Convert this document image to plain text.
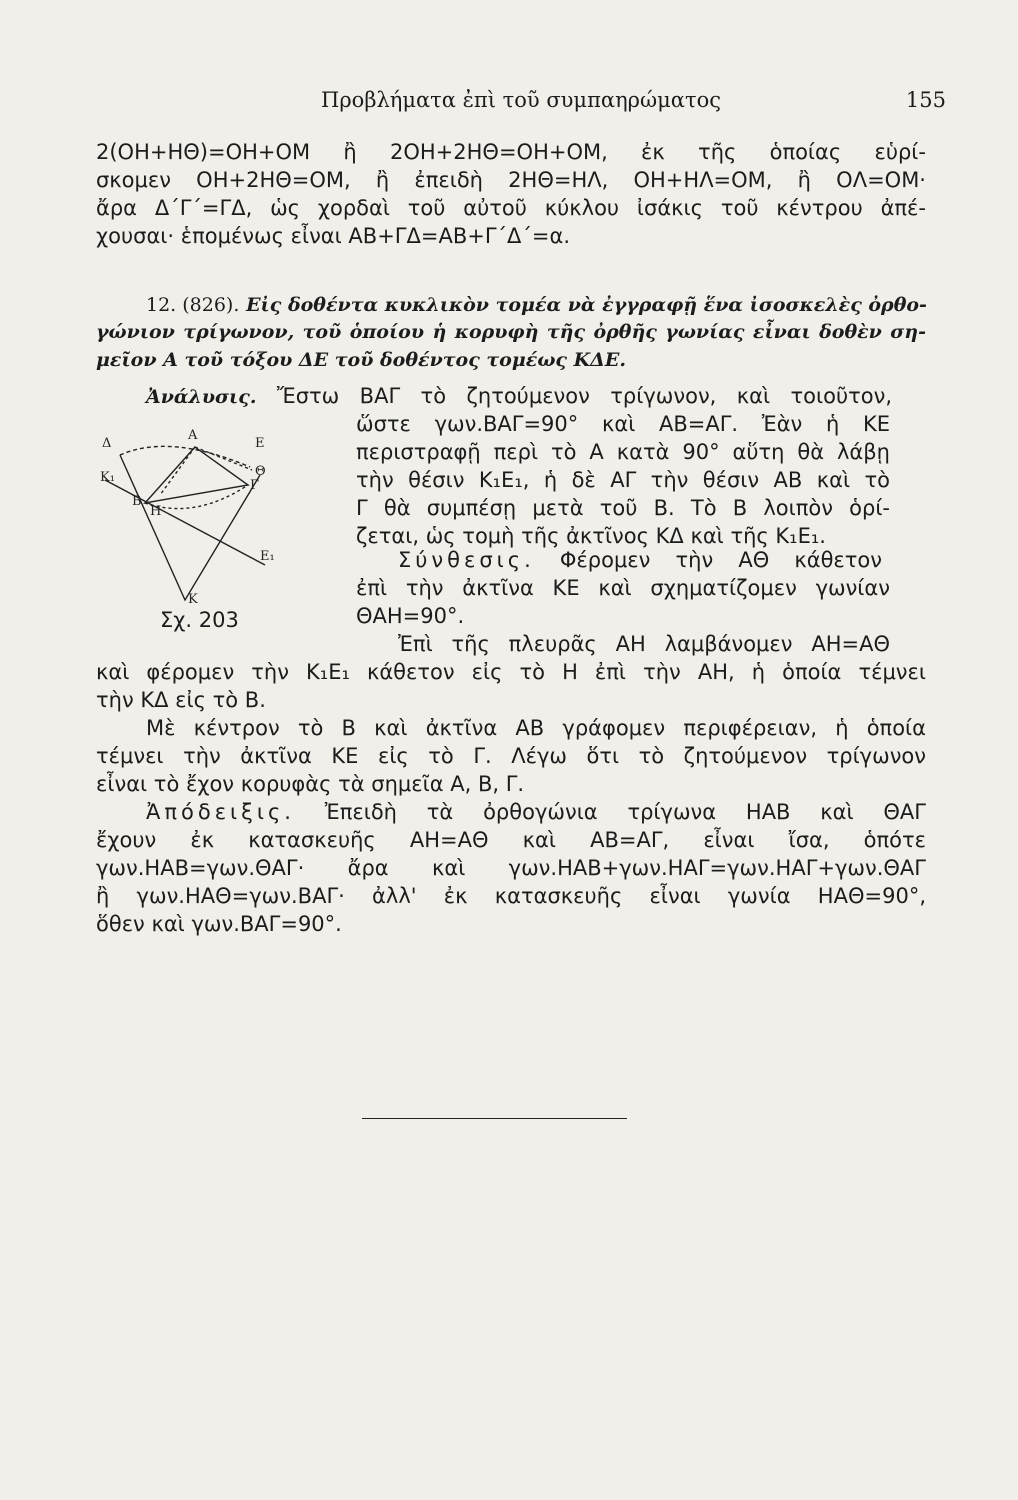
Προβλήματα ἐπὶ τοῦ συμπαηρώματος	155
2(ΟΗ+ΗΘ)=ΟΗ+ΟΜ ἢ 2ΟΗ+2ΗΘ=ΟΗ+ΟΜ, ἐκ τῆς ὁποίας εὑρί-
σκομεν ΟΗ+2ΗΘ=ΟΜ, ἢ ἐπειδὴ 2ΗΘ=ΗΛ, ΟΗ+ΗΛ=ΟΜ, ἢ ΟΛ=ΟΜ·
ἄρα Δ΄Γ΄=ΓΔ, ὡς χορδαὶ τοῦ αὐτοῦ κύκλου ἰσάκις τοῦ κέντρου ἀπέ-
χουσαι· ἑπομένως εἶναι ΑΒ+ΓΔ=ΑΒ+Γ΄Δ΄=α.
12. (826). Εἰς δοθέντα κυκλικὸν τομέα νὰ ἐγγραφῇ ἕνα ἰσοσκελὲς ὀρθο-
γώνιον τρίγωνον, τοῦ ὁποίου ἡ κορυφὴ τῆς ὀρθῆς γωνίας εἶναι δοθὲν ση-
μεῖον Α τοῦ τόξου ΔΕ τοῦ δοθέντος τομέως ΚΔΕ.
Ἀνάλυσις. Ἔστω ΒΑΓ τὸ ζητούμενον τρίγωνον, καὶ τοιοῦτον,
ὥστε γων.ΒΑΓ=90° καὶ ΑΒ=ΑΓ. Ἐὰν ἡ ΚΕ
περιστραφῇ περὶ τὸ Α κατὰ 90° αὕτη θὰ λάβῃ
τὴν θέσιν Κ₁Ε₁, ἡ δὲ ΑΓ τὴν θέσιν ΑΒ καὶ τὸ
Γ θὰ συμπέσῃ μετὰ τοῦ Β. Τὸ Β λοιπὸν ὁρί-
ζεται, ὡς τομὴ τῆς ἀκτῖνος ΚΔ καὶ τῆς Κ₁Ε₁.
Σύνθεσις. Φέρομεν τὴν ΑΘ κάθετον
ἐπὶ τὴν ἀκτῖνα ΚΕ καὶ σχηματίζομεν γωνίαν
ΘΑΗ=90°.
Ἐπὶ τῆς πλευρᾶς ΑΗ λαμβάνομεν ΑΗ=ΑΘ
καὶ φέρομεν τὴν Κ₁Ε₁ κάθετον εἰς τὸ Η ἐπὶ τὴν ΑΗ, ἡ ὁποία τέμνει
τὴν ΚΔ εἰς τὸ Β.
Μὲ κέντρον τὸ Β καὶ ἀκτῖνα ΑΒ γράφομεν περιφέρειαν, ἡ ὁποία
τέμνει τὴν ἀκτῖνα ΚΕ εἰς τὸ Γ. Λέγω ὅτι τὸ ζητούμενον τρίγωνον
εἶναι τὸ ἔχον κορυφὰς τὰ σημεῖα Α, Β, Γ.
Ἀπόδειξις. Ἐπειδὴ τὰ ὀρθογώνια τρίγωνα ΗΑΒ καὶ ΘΑΓ
ἔχουν ἐκ κατασκευῆς ΑΗ=ΑΘ καὶ ΑΒ=ΑΓ, εἶναι ἴσα, ὁπότε
γων.ΗΑΒ=γων.ΘΑΓ· ἄρα καὶ γων.ΗΑΒ+γων.ΗΑΓ=γων.ΗΑΓ+γων.ΘΑΓ
ἢ γων.ΗΑΘ=γων.ΒΑΓ· ἀλλ' ἐκ κατασκευῆς εἶναι γωνία ΗΑΘ=90°,
ὅθεν καὶ γων.ΒΑΓ=90°.
Δ
Α
Ε
Θ
Γ
Κ₁
Β
Η
Ε₁
Κ
Σχ. 203
